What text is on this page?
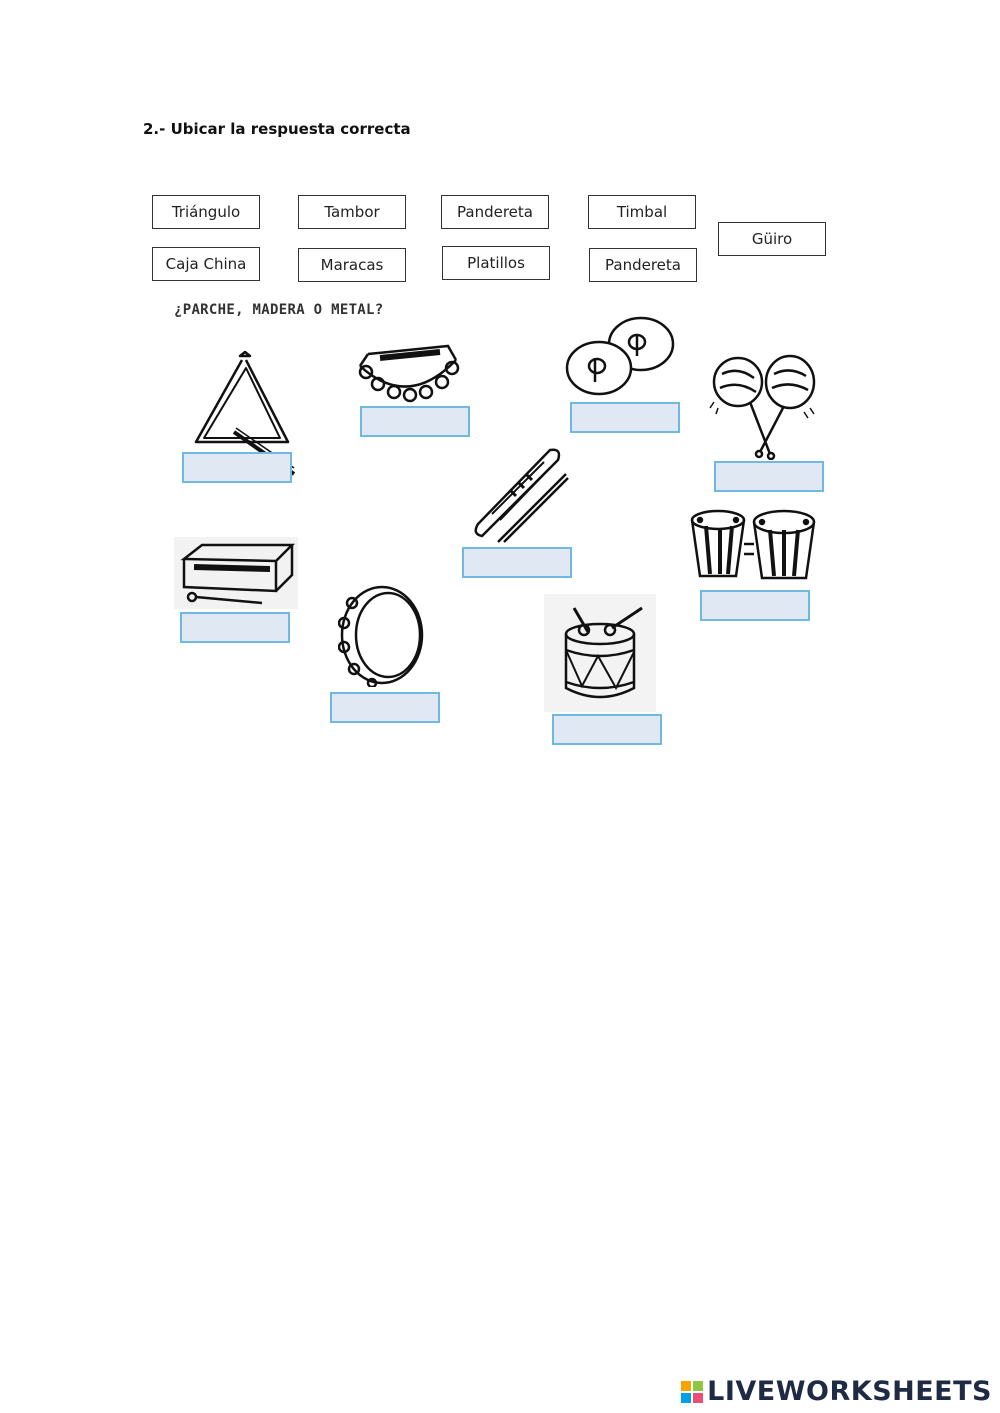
2.- Ubicar la respuesta correcta
Triángulo	Tambor	Pandereta	Timbal
Güiro
Caja China	Maracas	Platillos	Pandereta
¿PARCHE, MADERA O METAL?
LIVEWORKSHEETS
